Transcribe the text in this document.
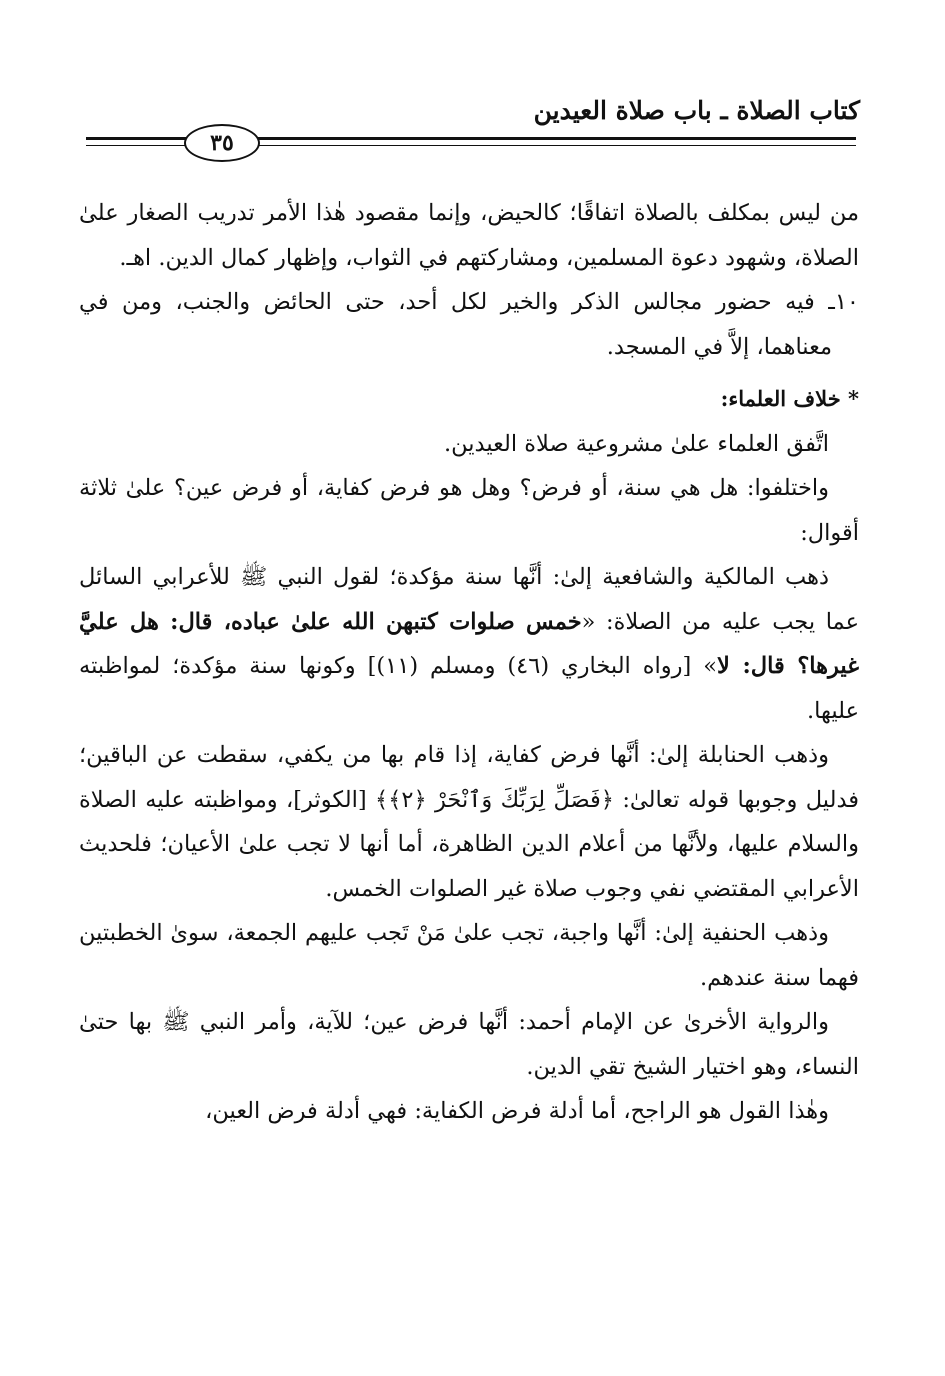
كتاب الصلاة ـ باب صلاة العيدين
٣٥

من ليس بمكلف بالصلاة اتفاقًا؛ كالحيض، وإنما مقصود هٰذا الأمر تدريب الصغار علىٰ الصلاة، وشهود دعوة المسلمين، ومشاركتهم في الثواب، وإظهار كمال الدين. اهـ.

١٠ـ فيه حضور مجالس الذكر والخير لكل أحد، حتى الحائض والجنب، ومن في معناهما، إلاَّ في المسجد.

* خلاف العلماء:

اتَّفق العلماء علىٰ مشروعية صلاة العيدين.

واختلفوا: هل هي سنة، أو فرض؟ وهل هو فرض كفاية، أو فرض عين؟ علىٰ ثلاثة أقوال:

ذهب المالكية والشافعية إلىٰ: أنَّها سنة مؤكدة؛ لقول النبي ﷺ للأعرابي السائل عما يجب عليه من الصلاة: «خمس صلوات كتبهن الله علىٰ عباده، قال: هل عليَّ غيرها؟ قال: لا» [رواه البخاري (٤٦) ومسلم (١١)] وكونها سنة مؤكدة؛ لمواظبته عليها.

وذهب الحنابلة إلىٰ: أنَّها فرض كفاية، إذا قام بها من يكفي، سقطت عن الباقين؛ فدليل وجوبها قوله تعالىٰ: ﴿فَصَلِّ لِرَبِّكَ وَٱنْحَرْ ﴿٢﴾﴾ [الكوثر]، ومواظبته عليه الصلاة والسلام عليها، ولأنَّها من أعلام الدين الظاهرة، أما أنها لا تجب علىٰ الأعيان؛ فلحديث الأعرابي المقتضي نفي وجوب صلاة غير الصلوات الخمس.

وذهب الحنفية إلىٰ: أنَّها واجبة، تجب علىٰ مَنْ تَجب عليهم الجمعة، سوىٰ الخطبتين فهما سنة عندهم.

والرواية الأخرىٰ عن الإمام أحمد: أنَّها فرض عين؛ للآية، وأمر النبي ﷺ بها حتىٰ النساء، وهو اختيار الشيخ تقي الدين.

وهٰذا القول هو الراجح، أما أدلة فرض الكفاية: فهي أدلة فرض العين،
